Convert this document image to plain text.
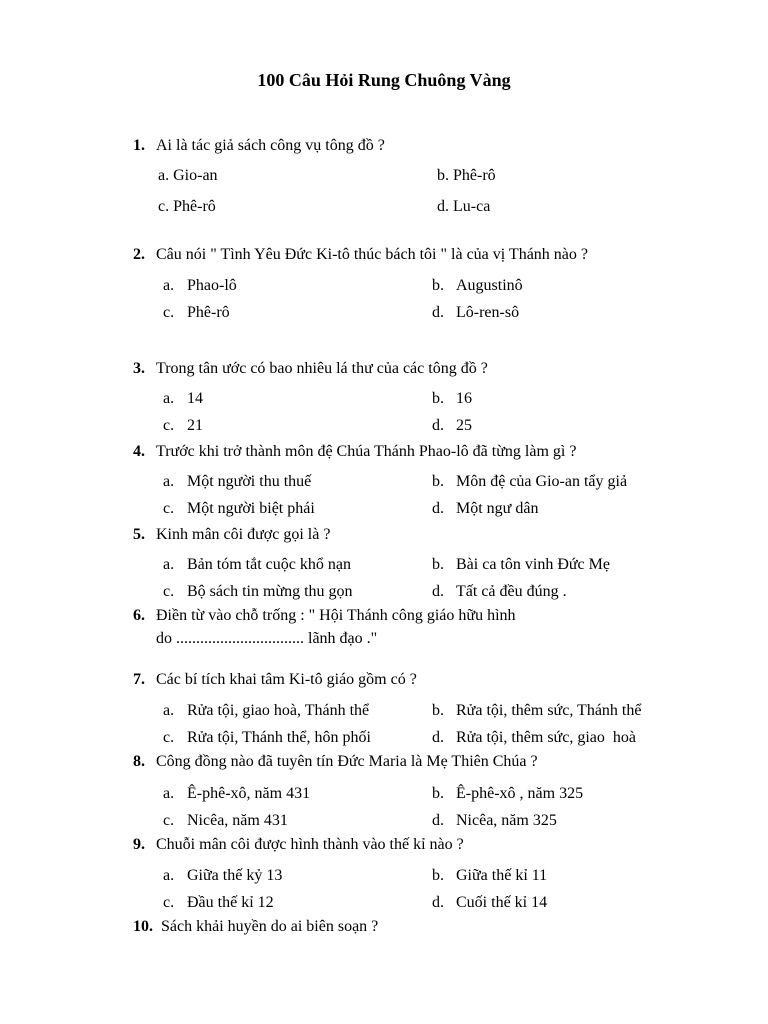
100 Câu Hỏi Rung Chuông Vàng
1. Ai là tác giả sách công vụ tông đồ ?
a. Gio-an	b. Phê-rô
c. Phê-rô	d. Lu-ca
2. Câu nói " Tình Yêu Đức Ki-tô thúc bách tôi " là của vị Thánh nào ?
a. Phao-lô	b. Augustinô
c. Phê-rô	d. Lô-ren-sô
3. Trong tân ước có bao nhiêu lá thư của các tông đồ ?
a. 14	b. 16
c. 21	d. 25
4. Trước khi trở thành môn đệ Chúa Thánh Phao-lô đã từng làm gì ?
a. Một người thu thuế	b. Môn đệ của Gio-an tẩy giả
c. Một người biệt phái	d. Một ngư dân
5. Kinh mân côi được gọi là ?
a. Bản tóm tắt cuộc khổ nạn	b. Bài ca tôn vinh Đức Mẹ
c. Bộ sách tin mừng thu gọn	d. Tất cả đều đúng .
6. Điền từ vào chỗ trống : " Hội Thánh công giáo hữu hình
do ................................ lãnh đạo ."
7. Các bí tích khai tâm Ki-tô giáo gồm có ?
a. Rửa tội, giao hoà, Thánh thể	b. Rửa tội, thêm sức, Thánh thể
c. Rửa tội, Thánh thể, hôn phối	d. Rửa tội, thêm sức, giao  hoà
8. Công đồng nào đã tuyên tín Đức Maria là Mẹ Thiên Chúa ?
a. Ê-phê-xô, năm 431	b. Ê-phê-xô , năm 325
c. Nicêa, năm 431	d. Nicêa, năm 325
9. Chuỗi mân côi được hình thành vào thế kỉ nào ?
a. Giữa thế kỷ 13	b. Giữa thế kỉ 11
c. Đầu thế kỉ 12	d. Cuối thế kỉ 14
10. Sách khải huyền do ai biên soạn ?
